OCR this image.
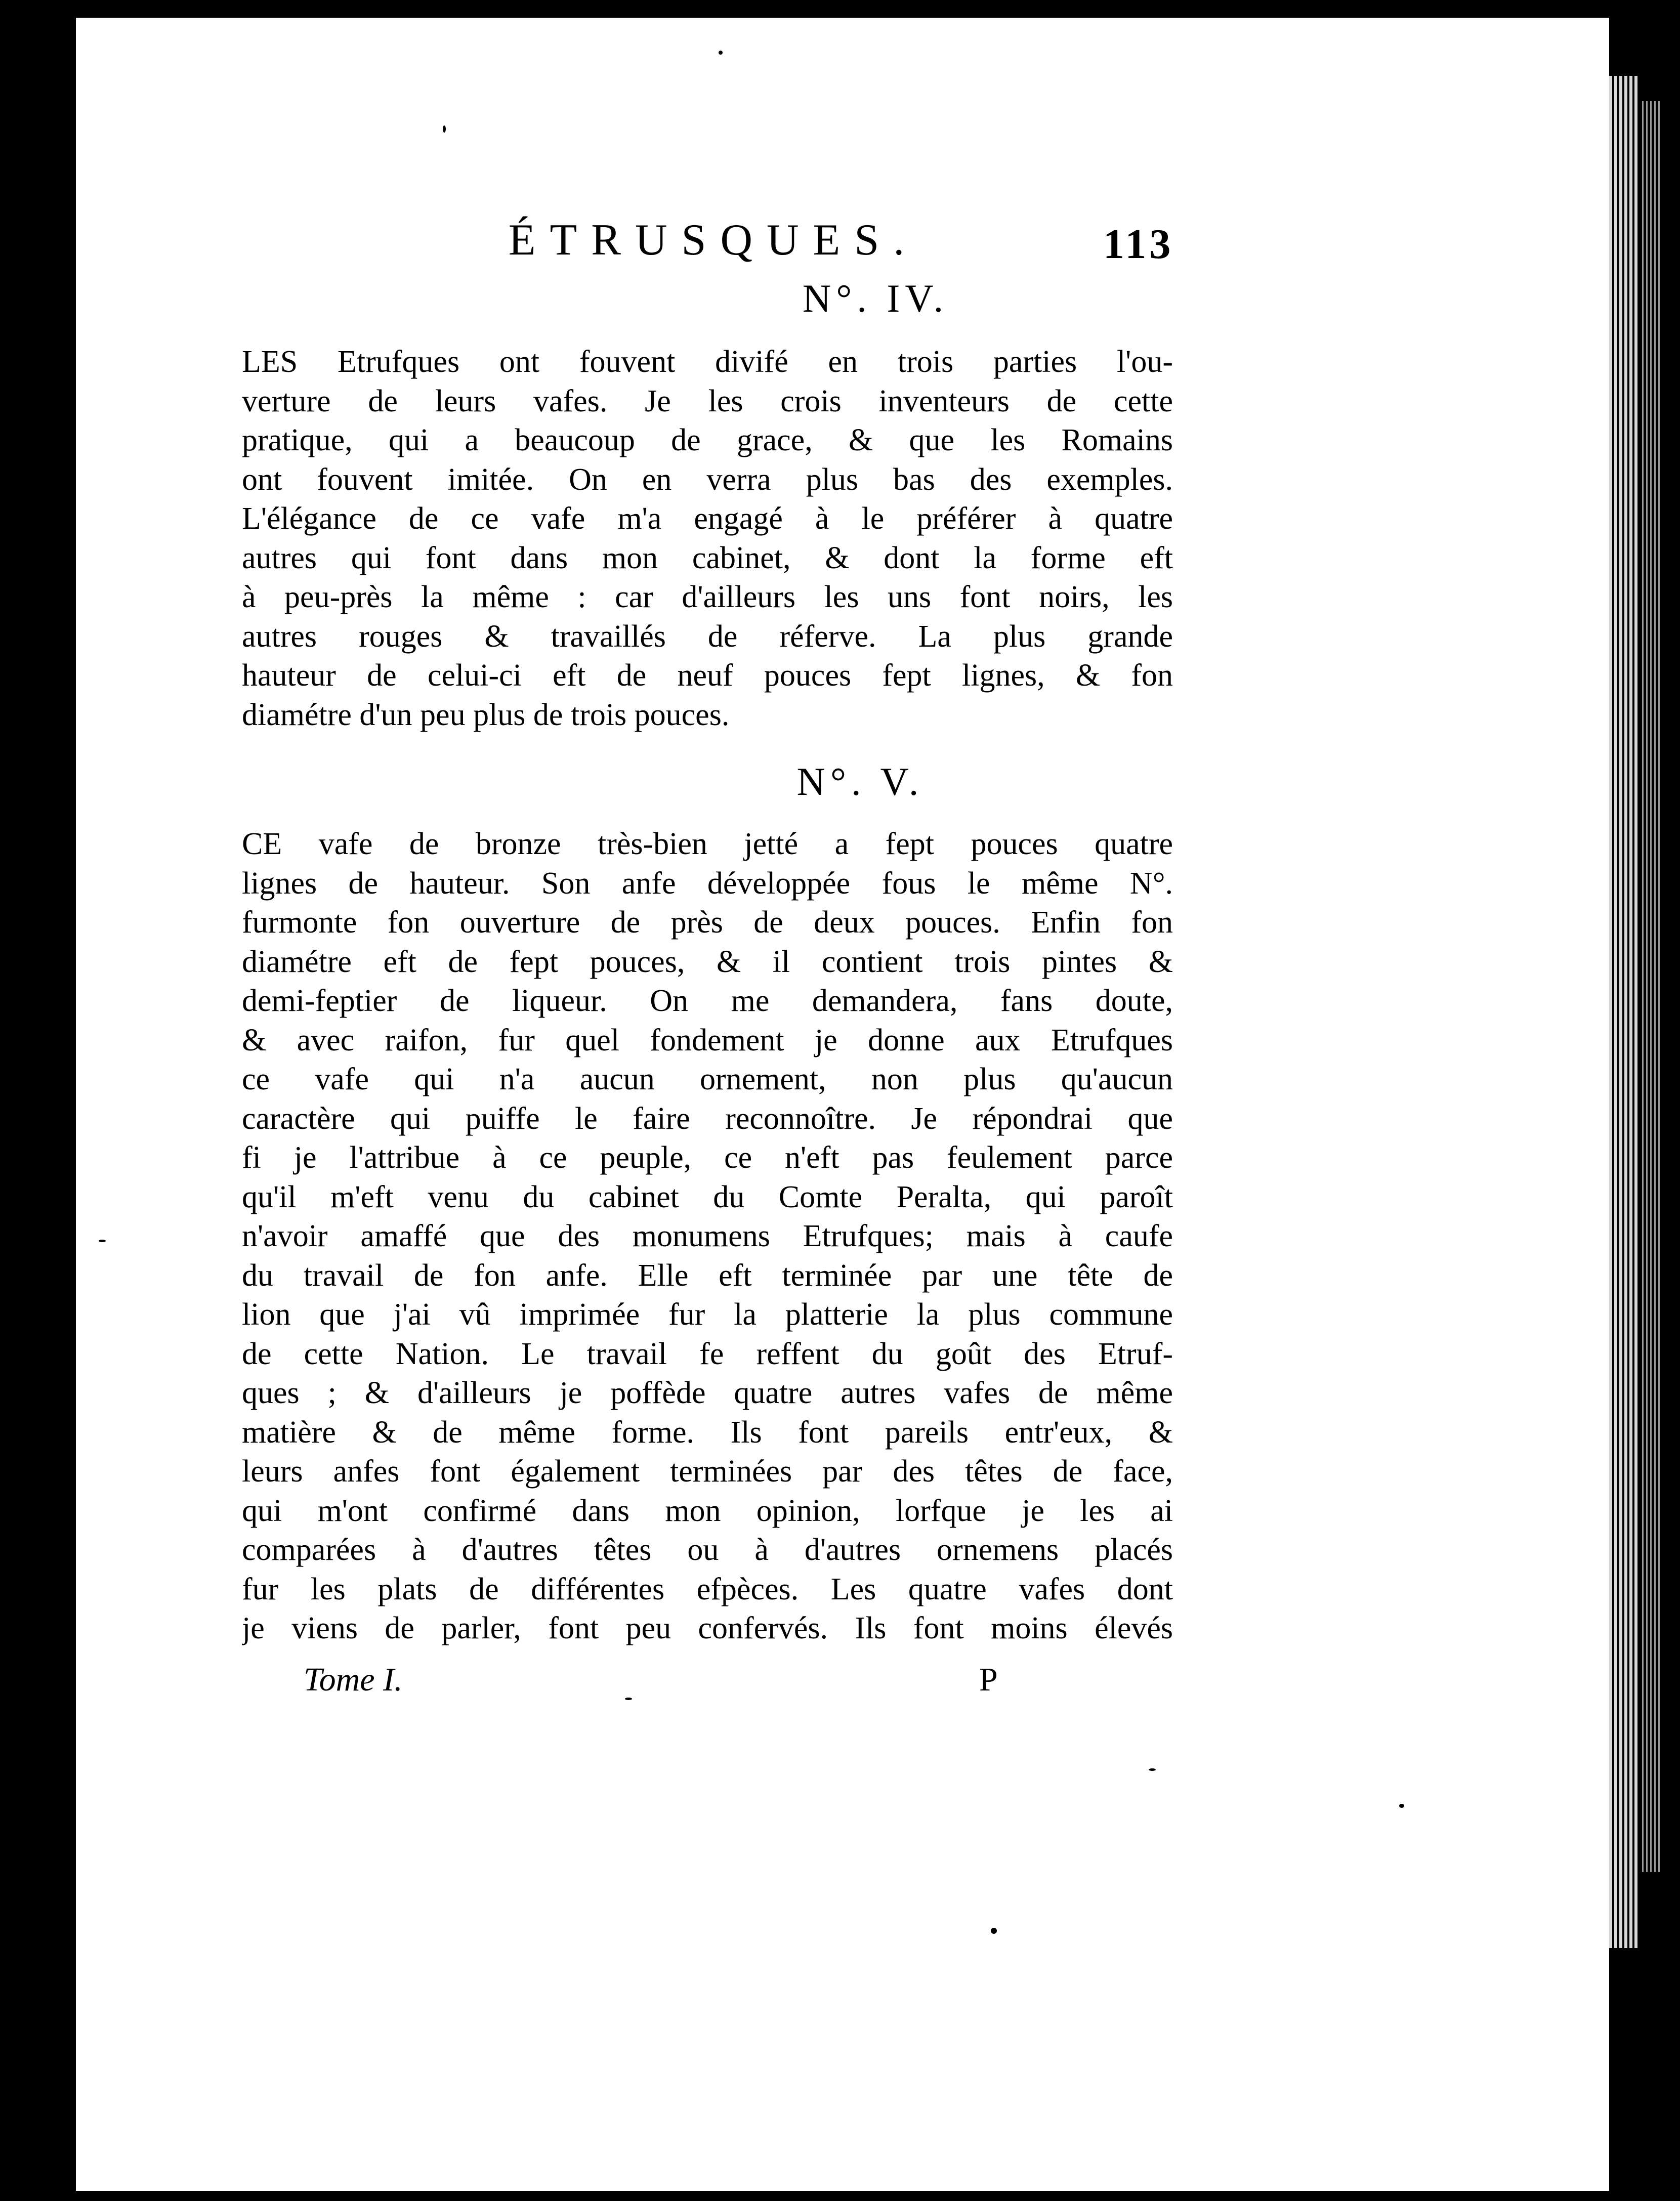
ÉTRUSQUES.	113
N°. IV.

LES Etrufques ont fouvent divifé en trois parties l'ou-
verture de leurs vafes. Je les crois inventeurs de cette
pratique, qui a beaucoup de grace, & que les Romains
ont fouvent imitée. On en verra plus bas des exemples.
L'élégance de ce vafe m'a engagé à le préférer à quatre
autres qui font dans mon cabinet, & dont la forme eft
à peu-près la même : car d'ailleurs les uns font noirs, les
autres rouges & travaillés de réferve. La plus grande
hauteur de celui-ci eft de neuf pouces fept lignes, & fon
diamétre d'un peu plus de trois pouces.

N°. V.

CE vafe de bronze très-bien jetté a fept pouces quatre
lignes de hauteur. Son anfe développée fous le même N°.
furmonte fon ouverture de près de deux pouces. Enfin fon
diamétre eft de fept pouces, & il contient trois pintes &
demi-feptier de liqueur. On me demandera, fans doute,
& avec raifon, fur quel fondement je donne aux Etrufques
ce vafe qui n'a aucun ornement, non plus qu'aucun
caractère qui puiffe le faire reconnoître. Je répondrai que
fi je l'attribue à ce peuple, ce n'eft pas feulement parce
qu'il m'eft venu du cabinet du Comte Peralta, qui paroît
n'avoir amaffé que des monumens Etrufques; mais à caufe
du travail de fon anfe. Elle eft terminée par une tête de
lion que j'ai vû imprimée fur la platterie la plus commune
de cette Nation. Le travail fe reffent du goût des Etruf-
ques ; & d'ailleurs je poffède quatre autres vafes de même
matière & de même forme. Ils font pareils entr'eux, &
leurs anfes font également terminées par des têtes de face,
qui m'ont confirmé dans mon opinion, lorfque je les ai
comparées à d'autres têtes ou à d'autres ornemens placés
fur les plats de différentes efpèces. Les quatre vafes dont
je viens de parler, font peu confervés. Ils font moins élevés

Tome I.	P
